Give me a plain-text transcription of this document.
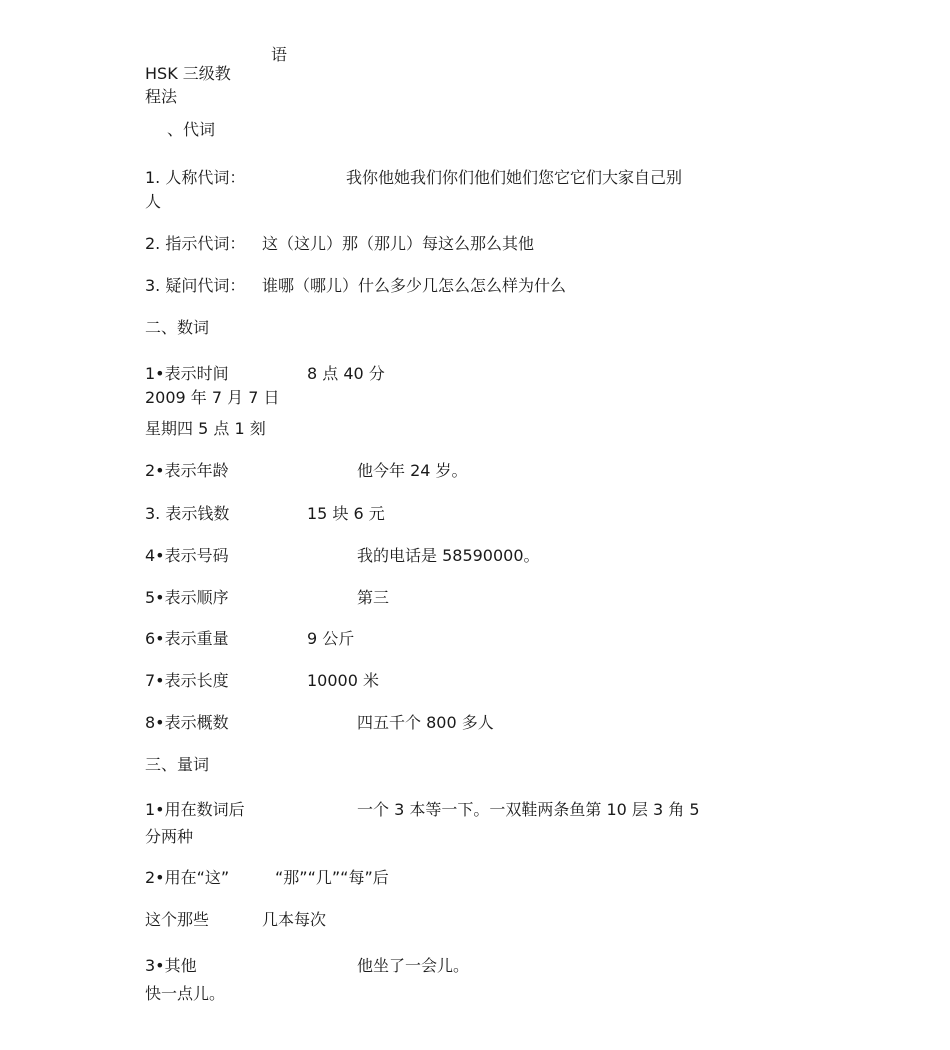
语
HSK 三级教
程法
、代词
1. 人称代词：	我你他她我们你们他们她们您它它们大家自己别
人
2. 指示代词： 这（这儿）那（那儿）每这么那么其他
3. 疑问代词： 谁哪（哪儿）什么多少几怎么怎么样为什么
二、数词
1•表示时间	8 点 40 分
2009 年 7 月 7 日
星期四 5 点 1 刻
2•表示年龄	他今年 24 岁。
3. 表示钱数	15 块 6 元
4•表示号码	我的电话是 58590000。
5•表示顺序	第三
6•表示重量	9 公斤
7•表示长度	10000 米
8•表示概数	四五千个 800 多人
三、量词
1•用在数词后	一个 3 本等一下。一双鞋两条鱼第 10 层 3 角 5
分两种
2•用在“这”	“那”“几”“每”后
这个那些	几本每次
3•其他	他坐了一会儿。
快一点儿。
